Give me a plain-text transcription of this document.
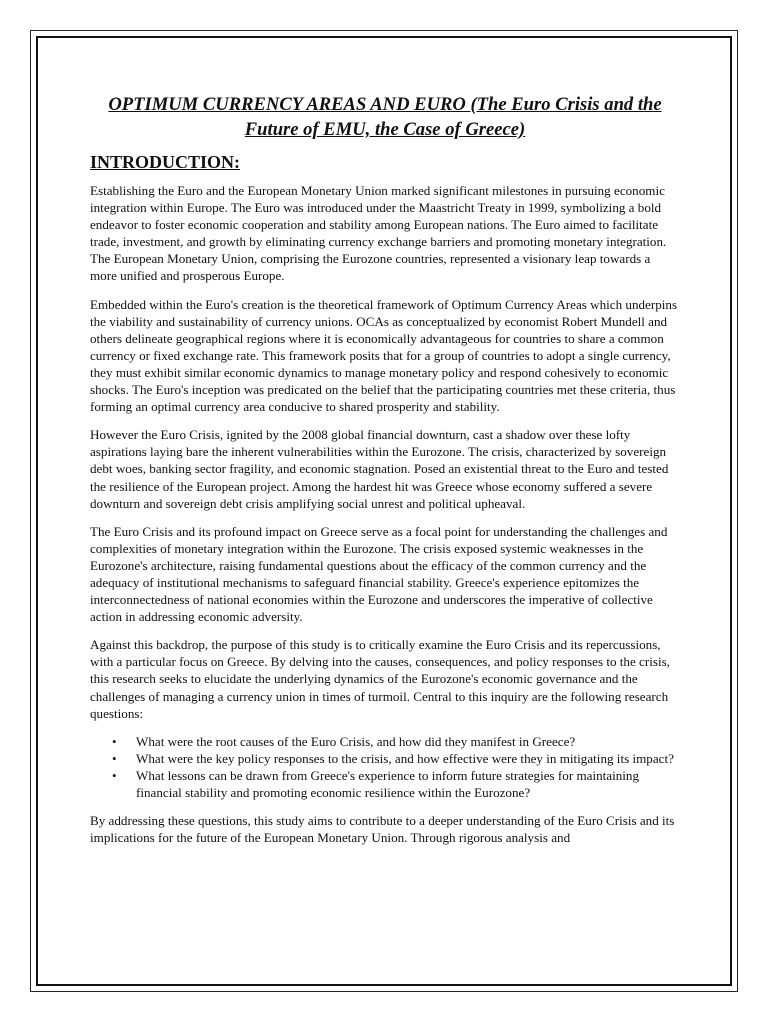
OPTIMUM CURRENCY AREAS AND EURO (The Euro Crisis and the Future of EMU, the Case of Greece)
INTRODUCTION:

Establishing the Euro and the European Monetary Union marked significant milestones in pursuing economic integration within Europe. The Euro was introduced under the Maastricht Treaty in 1999, symbolizing a bold endeavor to foster economic cooperation and stability among European nations. The Euro aimed to facilitate trade, investment, and growth by eliminating currency exchange barriers and promoting monetary integration. The European Monetary Union, comprising the Eurozone countries, represented a visionary leap towards a more unified and prosperous Europe.

Embedded within the Euro's creation is the theoretical framework of Optimum Currency Areas which underpins the viability and sustainability of currency unions. OCAs as conceptualized by economist Robert Mundell and others delineate geographical regions where it is economically advantageous for countries to share a common currency or fixed exchange rate. This framework posits that for a group of countries to adopt a single currency, they must exhibit similar economic dynamics to manage monetary policy and respond cohesively to economic shocks. The Euro's inception was predicated on the belief that the participating countries met these criteria, thus forming an optimal currency area conducive to shared prosperity and stability.

However the Euro Crisis, ignited by the 2008 global financial downturn, cast a shadow over these lofty aspirations laying bare the inherent vulnerabilities within the Eurozone. The crisis, characterized by sovereign debt woes, banking sector fragility, and economic stagnation. Posed an existential threat to the Euro and tested the resilience of the European project. Among the hardest hit was Greece whose economy suffered a severe downturn and sovereign debt crisis amplifying social unrest and political upheaval.

The Euro Crisis and its profound impact on Greece serve as a focal point for understanding the challenges and complexities of monetary integration within the Eurozone. The crisis exposed systemic weaknesses in the Eurozone's architecture, raising fundamental questions about the efficacy of the common currency and the adequacy of institutional mechanisms to safeguard financial stability. Greece's experience epitomizes the interconnectedness of national economies within the Eurozone and underscores the imperative of collective action in addressing economic adversity.

Against this backdrop, the purpose of this study is to critically examine the Euro Crisis and its repercussions, with a particular focus on Greece. By delving into the causes, consequences, and policy responses to the crisis, this research seeks to elucidate the underlying dynamics of the Eurozone's economic governance and the challenges of managing a currency union in times of turmoil. Central to this inquiry are the following research questions:

• What were the root causes of the Euro Crisis, and how did they manifest in Greece?
• What were the key policy responses to the crisis, and how effective were they in mitigating its impact?
• What lessons can be drawn from Greece's experience to inform future strategies for maintaining financial stability and promoting economic resilience within the Eurozone?

By addressing these questions, this study aims to contribute to a deeper understanding of the Euro Crisis and its implications for the future of the European Monetary Union. Through rigorous analysis and
